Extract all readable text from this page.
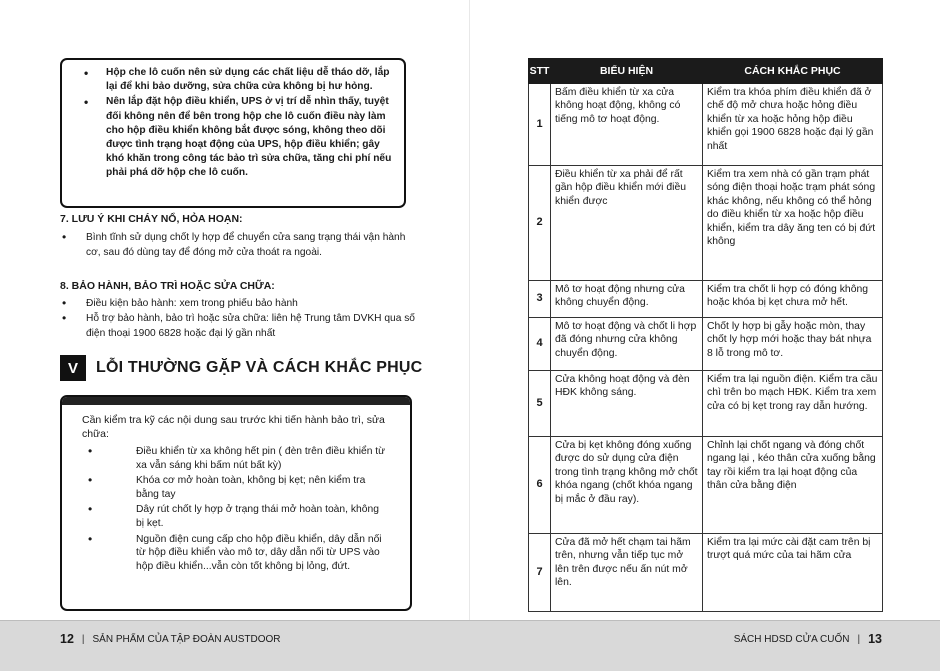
• Hộp che lô cuốn nên sử dụng các chất liệu dễ tháo dỡ, lắp lại để khi bảo dưỡng, sửa chữa cửa không bị hư hỏng.
• Nên lắp đặt hộp điều khiển, UPS ở vị trí dễ nhìn thấy, tuyệt đối không nên để bên trong hộp che lô cuốn điều này làm cho hộp điều khiển không bắt được sóng, không theo dõi được tình trạng hoạt động của UPS, hộp điều khiển; gây khó khăn trong công tác bảo trì sửa chữa, tăng chi phí nếu phải phá dỡ hộp che lô cuốn.
7. LƯU Ý KHI CHÁY NỔ, HỎA HOẠN:
• Bình tĩnh sử dụng chốt ly hợp để chuyển cửa sang trạng thái vận hành cơ, sau đó dùng tay để đóng mở cửa thoát ra ngoài.
8. BẢO HÀNH, BẢO TRÌ HOẶC SỬA CHỮA:
• Điều kiện bảo hành: xem trong phiếu bảo hành
• Hỗ trợ bảo hành, bảo trì hoặc sửa chữa: liên hệ Trung tâm DVKH qua số điện thoại 1900 6828 hoặc đại lý gần nhất
V	LỖI THƯỜNG GẶP VÀ CÁCH KHẮC PHỤC
Cần kiểm tra kỹ các nội dung sau trước khi tiến hành bảo trì, sửa chữa:
• Điều khiển từ xa không hết pin ( đèn trên điều khiển từ xa vẫn sáng khi bấm nút bất kỳ)
• Khóa cơ mở hoàn toàn, không bị kẹt; nên kiểm tra bằng tay
• Dây rút chốt ly hợp ở trạng thái mở hoàn toàn, không bị kẹt.
• Nguồn điện cung cấp cho hộp điều khiển, dây dẫn nối từ hộp điều khiển vào mô tơ, dây dẫn nối từ UPS vào hộp điều khiển...vẫn còn tốt không bị lỏng, đứt.
STT	BIỂU HIỆN	CÁCH KHẮC PHỤC
1	Bấm điều khiển từ xa cửa không hoạt động, không có tiếng mô tơ hoạt động.	Kiểm tra khóa phím điều khiển đã ở chế độ mở chưa hoặc hỏng điều khiển từ xa hoặc hỏng hộp điều khiển gọi 1900 6828 hoặc đại lý gần nhất
2	Điều khiển từ xa phải để rất gần hộp điều khiển mới điều khiển được	Kiểm tra xem nhà có gần trạm phát sóng điện thoại hoặc trạm phát sóng khác không, nếu không có thể hỏng do điều khiển từ xa hoặc hộp điều khiển, kiểm tra dây ăng ten có bị đứt không
3	Mô tơ hoạt động nhưng cửa không chuyển động.	Kiểm tra chốt li hợp có đóng không hoặc khóa bị kẹt chưa mở hết.
4	Mô tơ hoạt động và chốt li hợp đã đóng nhưng cửa không chuyển động.	Chốt ly hợp bị gẫy hoặc mòn, thay chốt ly hợp mới hoặc thay bát nhựa 8 lỗ trong mô tơ.
5	Cửa không hoạt động và đèn HĐK không sáng.	Kiểm tra lại nguồn điện. Kiểm tra cầu chì trên bo mạch HĐK. Kiểm tra xem cửa có bị kẹt trong ray dẫn hướng.
6	Cửa bị kẹt không đóng xuống được do sử dụng cửa điện trong tình trạng không mở chốt khóa ngang (chốt khóa ngang bị mắc ở đầu ray).	Chỉnh lại chốt ngang và đóng chốt ngang lại , kéo thân cửa xuống bằng tay rồi kiểm tra lại hoạt động của thân cửa bằng điện
7	Cửa đã mở hết chạm tai hãm trên, nhưng vẫn tiếp tục mở lên trên được nếu ấn nút mở lên.	Kiểm tra lại mức cài đặt cam trên bị trượt quá mức của tai hãm cửa
12 | SẢN PHẨM CỦA TẬP ĐOÀN AUSTDOOR	SÁCH HDSD CỬA CUỐN | 13
